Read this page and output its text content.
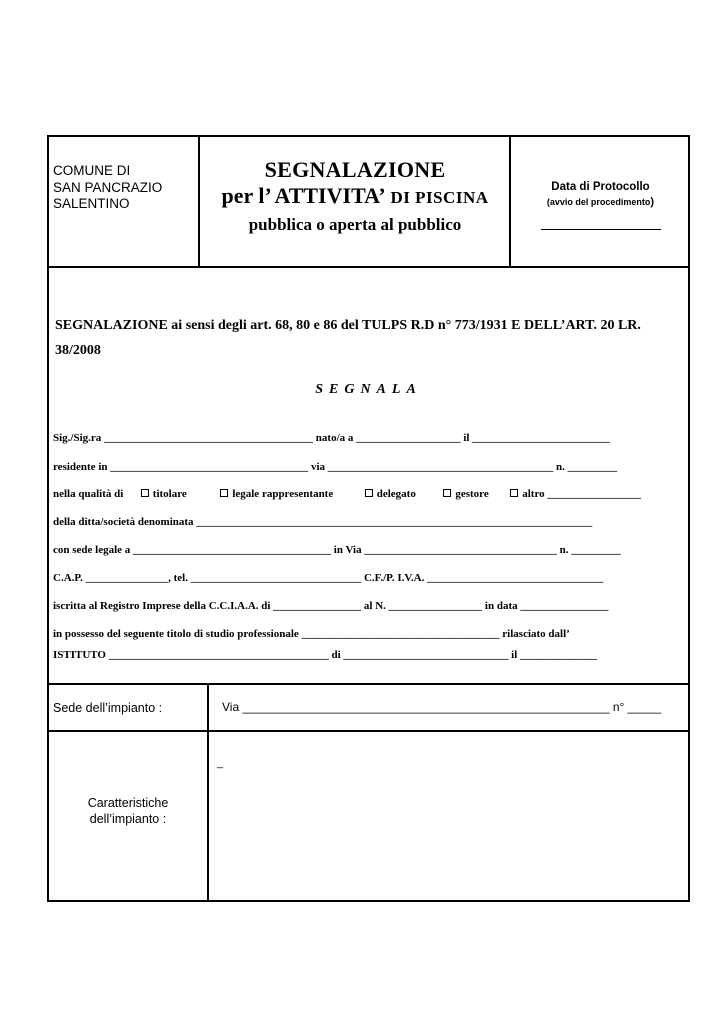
COMUNE DI
SAN PANCRAZIO
SALENTINO
SEGNALAZIONE
per l’ ATTIVITA’ DI PISCINA
pubblica o aperta al pubblico
Data di Protocollo
(avvio del procedimento)
SEGNALAZIONE ai sensi degli art. 68, 80 e 86 del TULPS R.D n° 773/1931 E DELL’ART. 20 LR. 38/2008
SEGNALA
Sig./Sig.ra ______________________________________ nato/a a ___________________ il _________________________
residente in ____________________________________ via _________________________________________ n. _________
nella qualità di	titolare	legale rappresentante	delegato	gestore	altro _________________
della ditta/società denominata ________________________________________________________________________
con sede legale a ____________________________________ in Via ___________________________________ n. _________
C.A.P. _______________, tel. _______________________________ C.F./P. I.V.A. ________________________________
iscritta al Registro Imprese della C.C.I.A.A. di ________________ al N. _________________ in data ________________
in possesso del seguente titolo di studio professionale ____________________________________ rilasciato dall’
ISTITUTO ________________________________________ di ______________________________ il ______________
Sede dell’impianto :	Via _______________________________________________________ n° _____
Caratteristiche
dell’impianto :
_
